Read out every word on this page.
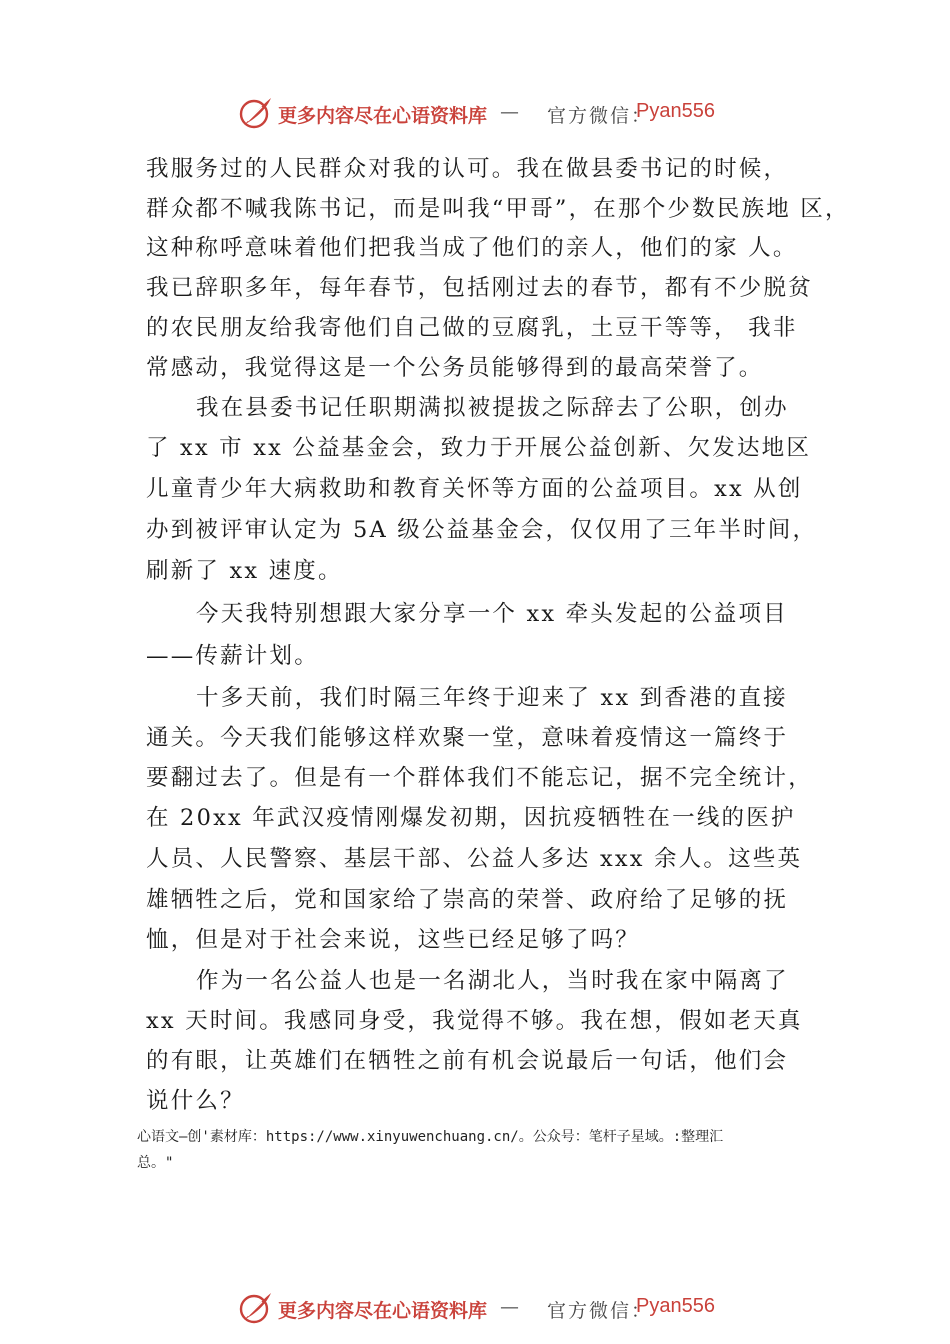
更多内容尽在心语资料库 — 官方微信：
Pyan556
我服务过的人民群众对我的认可。我在做县委书记的时候，
群众都不喊我陈书记，而是叫我“甲哥”，在那个少数民族地 区，
这种称呼意味着他们把我当成了他们的亲人，他们的家 人。
我已辞职多年，每年春节，包括刚过去的春节，都有不少脱贫
的农民朋友给我寄他们自己做的豆腐乳，土豆干等等， 我非
常感动，我觉得这是一个公务员能够得到的最高荣誉了。
我在县委书记任职期满拟被提拔之际辞去了公职，创办
了 xx 市 xx 公益基金会，致力于开展公益创新、欠发达地区
儿童青少年大病救助和教育关怀等方面的公益项目。xx 从创
办到被评审认定为 5A 级公益基金会，仅仅用了三年半时间，
刷新了 xx 速度。
今天我特别想跟大家分享一个 xx 牵头发起的公益项目
——传薪计划。
十多天前，我们时隔三年终于迎来了 xx 到香港的直接
通关。今天我们能够这样欢聚一堂，意味着疫情这一篇终于
要翻过去了。但是有一个群体我们不能忘记，据不完全统计，
在 20xx 年武汉疫情刚爆发初期，因抗疫牺牲在一线的医护
人员、人民警察、基层干部、公益人多达 xxx 余人。这些英
雄牺牲之后，党和国家给了崇高的荣誉、政府给了足够的抚
恤，但是对于社会来说，这些已经足够了吗？
作为一名公益人也是一名湖北人，当时我在家中隔离了
xx 天时间。我感同身受，我觉得不够。我在想，假如老天真
的有眼，让英雄们在牺牲之前有机会说最后一句话，他们会
说什么？
心语文—创'素材库：https://www.xinyuwenchuang.cn/。公众号：笔杆子星域。:整理汇
总。"
更多内容尽在心语资料库 — 官方微信：
Pyan556
